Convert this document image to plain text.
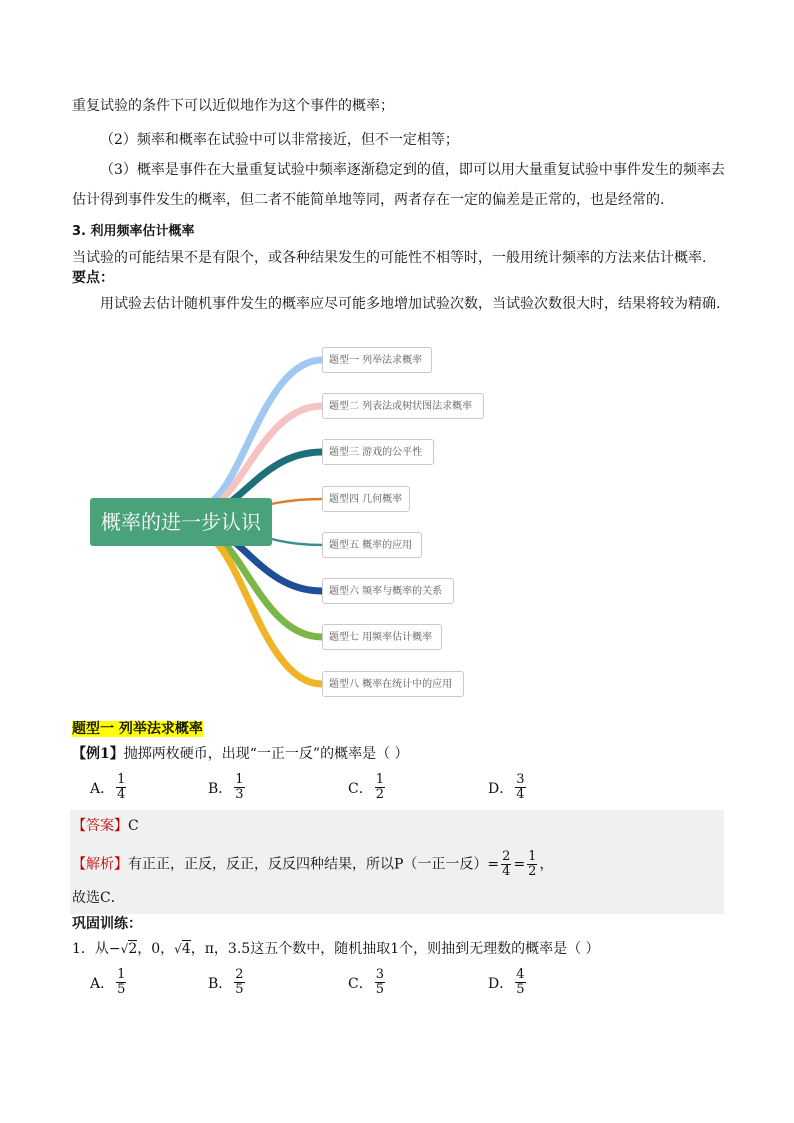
重复试验的条件下可以近似地作为这个事件的概率；
（2）频率和概率在试验中可以非常接近，但不一定相等；
（3）概率是事件在大量重复试验中频率逐渐稳定到的值，即可以用大量重复试验中事件发生的频率去
估计得到事件发生的概率，但二者不能简单地等同，两者存在一定的偏差是正常的，也是经常的.
3. 利用频率估计概率
当试验的可能结果不是有限个，或各种结果发生的可能性不相等时，一般用统计频率的方法来估计概率.
要点：
用试验去估计随机事件发生的概率应尽可能多地增加试验次数，当试验次数很大时，结果将较为精确.
概率的进一步认识
题型一 列举法求概率
题型二 列表法或树状图法求概率
题型三 游戏的公平性
题型四 几何概率
题型五 概率的应用
题型六 频率与概率的关系
题型七 用频率估计概率
题型八 概率在统计中的应用
题型一 列举法求概率
【例1】抛掷两枚硬币，出现“一正一反”的概率是（ ）
A． $\frac{1}{4}$	B． $\frac{1}{3}$	C． $\frac{1}{2}$	D． $\frac{3}{4}$
【答案】C
【解析】有正正，正反，反正，反反四种结果，所以P（一正一反）= $\frac{2}{4} = \frac{1}{2}$ ，
故选C．
巩固训练：
1．从−√2，0，√4，π，3.5这五个数中，随机抽取1个，则抽到无理数的概率是（ ）
A． $\frac{1}{5}$	B． $\frac{2}{5}$	C． $\frac{3}{5}$	D． $\frac{4}{5}$
